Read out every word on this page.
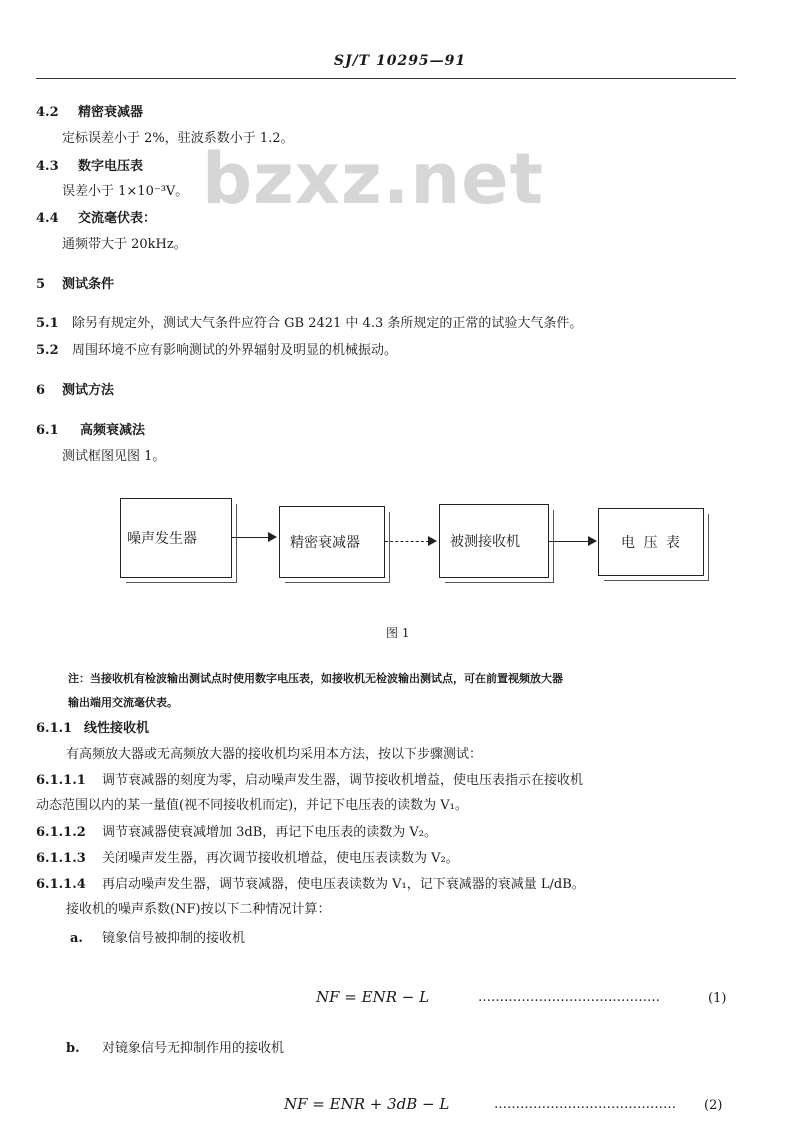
SJ/T 10295—91
bzxz.net
4.2 精密衰减器
定标误差小于 2%，驻波系数小于 1.2。
4.3 数字电压表
误差小于 1×10⁻³V。
4.4 交流毫伏表：
通频带大于 20kHz。
5 测试条件
5.1 除另有规定外，测试大气条件应符合 GB 2421 中 4.3 条所规定的正常的试验大气条件。
5.2 周围环境不应有影响测试的外界辐射及明显的机械振动。
6 测试方法
6.1 高频衰减法
测试框图见图 1。
噪声发生器	精密衰减器	被测接收机	电 压 表
图 1
注：当接收机有检波输出测试点时使用数字电压表，如接收机无检波输出测试点，可在前置视频放大器
输出端用交流毫伏表。
6.1.1 线性接收机
有高频放大器或无高频放大器的接收机均采用本方法，按以下步骤测试：
6.1.1.1 调节衰减器的刻度为零，启动噪声发生器，调节接收机增益，使电压表指示在接收机
动态范围以内的某一量值(视不同接收机而定)，并记下电压表的读数为 V₁。
6.1.1.2 调节衰减器使衰减增加 3dB，再记下电压表的读数为 V₂。
6.1.1.3 关闭噪声发生器，再次调节接收机增益，使电压表读数为 V₂。
6.1.1.4 再启动噪声发生器，调节衰减器，使电压表读数为 V₁，记下衰减器的衰减量 L/dB。
接收机的噪声系数(NF)按以下二种情况计算：
a. 镜象信号被抑制的接收机
NF = ENR − L	……………………………………	(1)
b. 对镜象信号无抑制作用的接收机
NF = ENR + 3dB − L	…………………………………… (2)
